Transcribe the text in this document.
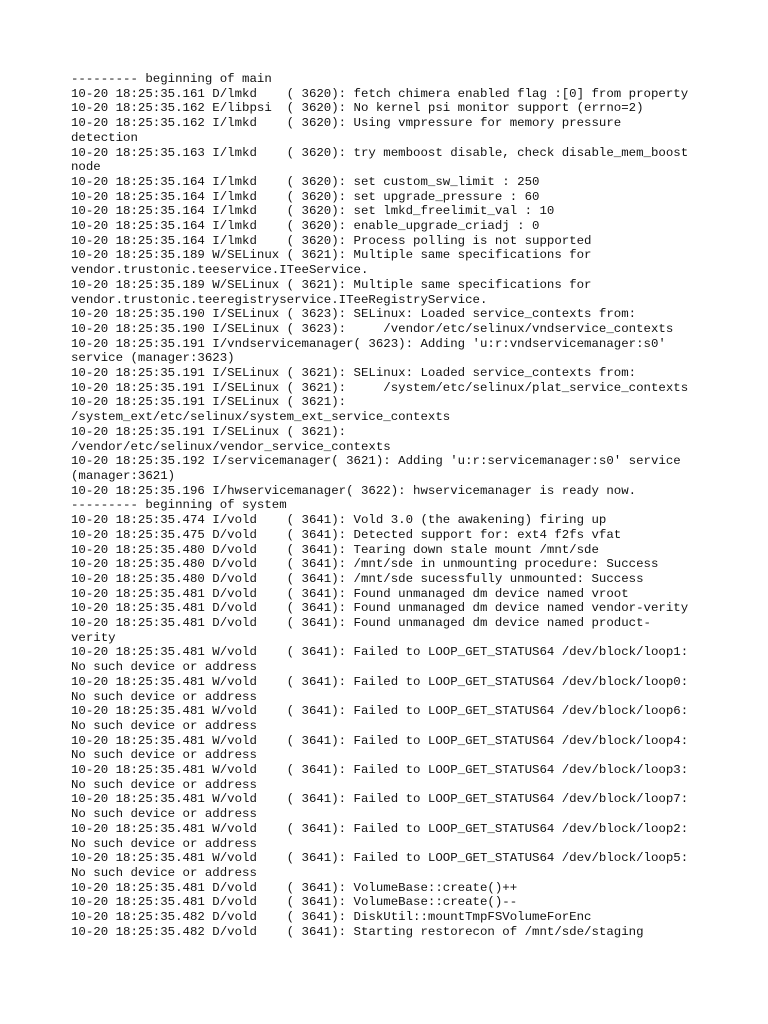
--------- beginning of main
10-20 18:25:35.161 D/lmkd    ( 3620): fetch chimera enabled flag :[0] from property
10-20 18:25:35.162 E/libpsi  ( 3620): No kernel psi monitor support (errno=2)
10-20 18:25:35.162 I/lmkd    ( 3620): Using vmpressure for memory pressure
detection
10-20 18:25:35.163 I/lmkd    ( 3620): try memboost disable, check disable_mem_boost
node
10-20 18:25:35.164 I/lmkd    ( 3620): set custom_sw_limit : 250
10-20 18:25:35.164 I/lmkd    ( 3620): set upgrade_pressure : 60
10-20 18:25:35.164 I/lmkd    ( 3620): set lmkd_freelimit_val : 10
10-20 18:25:35.164 I/lmkd    ( 3620): enable_upgrade_criadj : 0
10-20 18:25:35.164 I/lmkd    ( 3620): Process polling is not supported
10-20 18:25:35.189 W/SELinux ( 3621): Multiple same specifications for
vendor.trustonic.teeservice.ITeeService.
10-20 18:25:35.189 W/SELinux ( 3621): Multiple same specifications for
vendor.trustonic.teeregistryservice.ITeeRegistryService.
10-20 18:25:35.190 I/SELinux ( 3623): SELinux: Loaded service_contexts from:
10-20 18:25:35.190 I/SELinux ( 3623):     /vendor/etc/selinux/vndservice_contexts
10-20 18:25:35.191 I/vndservicemanager( 3623): Adding 'u:r:vndservicemanager:s0'
service (manager:3623)
10-20 18:25:35.191 I/SELinux ( 3621): SELinux: Loaded service_contexts from:
10-20 18:25:35.191 I/SELinux ( 3621):     /system/etc/selinux/plat_service_contexts
10-20 18:25:35.191 I/SELinux ( 3621):
/system_ext/etc/selinux/system_ext_service_contexts
10-20 18:25:35.191 I/SELinux ( 3621):
/vendor/etc/selinux/vendor_service_contexts
10-20 18:25:35.192 I/servicemanager( 3621): Adding 'u:r:servicemanager:s0' service
(manager:3621)
10-20 18:25:35.196 I/hwservicemanager( 3622): hwservicemanager is ready now.
--------- beginning of system
10-20 18:25:35.474 I/vold    ( 3641): Vold 3.0 (the awakening) firing up
10-20 18:25:35.475 D/vold    ( 3641): Detected support for: ext4 f2fs vfat
10-20 18:25:35.480 D/vold    ( 3641): Tearing down stale mount /mnt/sde
10-20 18:25:35.480 D/vold    ( 3641): /mnt/sde in unmounting procedure: Success
10-20 18:25:35.480 D/vold    ( 3641): /mnt/sde sucessfully unmounted: Success
10-20 18:25:35.481 D/vold    ( 3641): Found unmanaged dm device named vroot
10-20 18:25:35.481 D/vold    ( 3641): Found unmanaged dm device named vendor-verity
10-20 18:25:35.481 D/vold    ( 3641): Found unmanaged dm device named product-
verity
10-20 18:25:35.481 W/vold    ( 3641): Failed to LOOP_GET_STATUS64 /dev/block/loop1:
No such device or address
10-20 18:25:35.481 W/vold    ( 3641): Failed to LOOP_GET_STATUS64 /dev/block/loop0:
No such device or address
10-20 18:25:35.481 W/vold    ( 3641): Failed to LOOP_GET_STATUS64 /dev/block/loop6:
No such device or address
10-20 18:25:35.481 W/vold    ( 3641): Failed to LOOP_GET_STATUS64 /dev/block/loop4:
No such device or address
10-20 18:25:35.481 W/vold    ( 3641): Failed to LOOP_GET_STATUS64 /dev/block/loop3:
No such device or address
10-20 18:25:35.481 W/vold    ( 3641): Failed to LOOP_GET_STATUS64 /dev/block/loop7:
No such device or address
10-20 18:25:35.481 W/vold    ( 3641): Failed to LOOP_GET_STATUS64 /dev/block/loop2:
No such device or address
10-20 18:25:35.481 W/vold    ( 3641): Failed to LOOP_GET_STATUS64 /dev/block/loop5:
No such device or address
10-20 18:25:35.481 D/vold    ( 3641): VolumeBase::create()++
10-20 18:25:35.481 D/vold    ( 3641): VolumeBase::create()--
10-20 18:25:35.482 D/vold    ( 3641): DiskUtil::mountTmpFSVolumeForEnc
10-20 18:25:35.482 D/vold    ( 3641): Starting restorecon of /mnt/sde/staging
